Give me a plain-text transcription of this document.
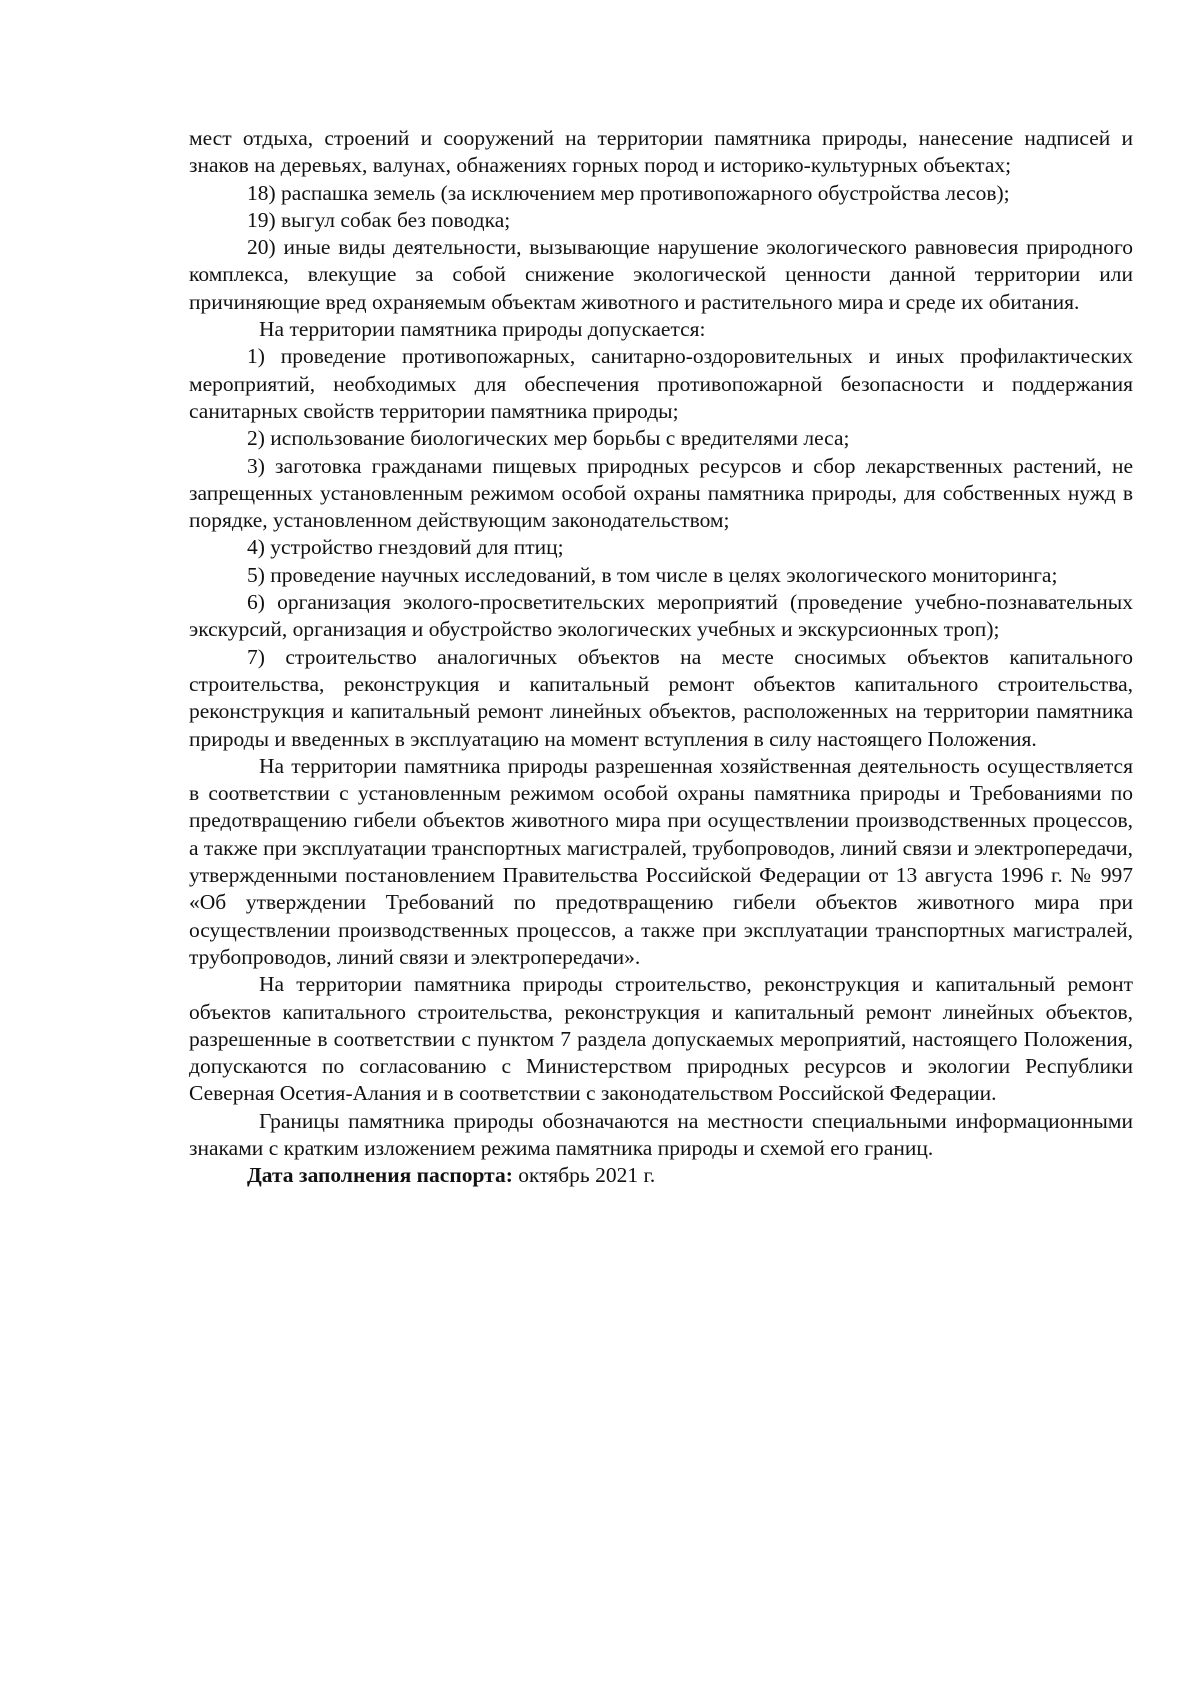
мест отдыха, строений и сооружений на территории памятника природы, нанесение надписей и знаков на деревьях, валунах, обнажениях горных пород и историко-культурных объектах;

18) распашка земель (за исключением мер противопожарного обустройства лесов);

19) выгул собак без поводка;

20) иные виды деятельности, вызывающие нарушение экологического равновесия природного комплекса, влекущие за собой снижение экологической ценности данной территории или причиняющие вред охраняемым объектам животного и растительного мира и среде их обитания.

На территории памятника природы допускается:

1) проведение противопожарных, санитарно-оздоровительных и иных профилактических мероприятий, необходимых для обеспечения противопожарной безопасности и поддержания санитарных свойств территории памятника природы;

2) использование биологических мер борьбы с вредителями леса;

3) заготовка гражданами пищевых природных ресурсов и сбор лекарственных растений, не запрещенных установленным режимом особой охраны памятника природы, для собственных нужд в порядке, установленном действующим законодательством;

4) устройство гнездовий для птиц;

5) проведение научных исследований, в том числе в целях экологического мониторинга;

6) организация эколого-просветительских мероприятий (проведение учебно-познавательных экскурсий, организация и обустройство экологических учебных и экскурсионных троп);

7) строительство аналогичных объектов на месте сносимых объектов капитального строительства, реконструкция и капитальный ремонт объектов капитального строительства, реконструкция и капитальный ремонт линейных объектов, расположенных на территории памятника природы и введенных в эксплуатацию на момент вступления в силу настоящего Положения.

На территории памятника природы разрешенная хозяйственная деятельность осуществляется в соответствии с установленным режимом особой охраны памятника природы и Требованиями по предотвращению гибели объектов животного мира при осуществлении производственных процессов, а также при эксплуатации транспортных магистралей, трубопроводов, линий связи и электропередачи, утвержденными постановлением Правительства Российской Федерации от 13 августа 1996 г. № 997 «Об утверждении Требований по предотвращению гибели объектов животного мира при осуществлении производственных процессов, а также при эксплуатации транспортных магистралей, трубопроводов, линий связи и электропередачи».

На территории памятника природы строительство, реконструкция и капитальный ремонт объектов капитального строительства, реконструкция и капитальный ремонт линейных объектов, разрешенные в соответствии с пунктом 7 раздела допускаемых мероприятий, настоящего Положения, допускаются по согласованию с Министерством природных ресурсов и экологии Республики Северная Осетия-Алания и в соответствии с законодательством Российской Федерации.

Границы памятника природы обозначаются на местности специальными информационными знаками с кратким изложением режима памятника природы и схемой его границ.

Дата заполнения паспорта: октябрь 2021 г.
